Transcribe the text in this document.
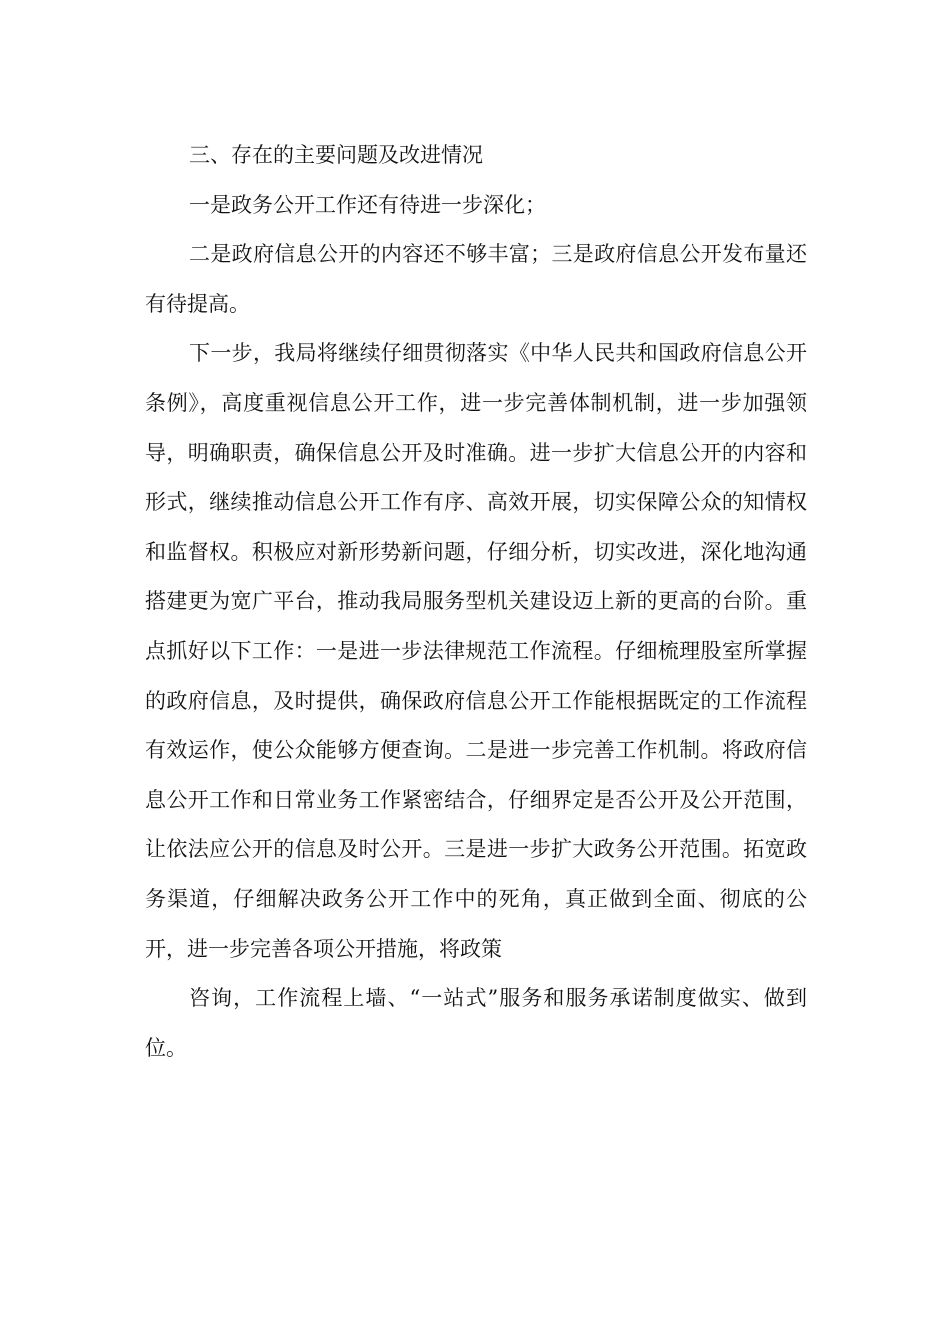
三、存在的主要问题及改进情况

一是政务公开工作还有待进一步深化；

二是政府信息公开的内容还不够丰富；三是政府信息公开发布量还有待提高。

下一步，我局将继续仔细贯彻落实《中华人民共和国政府信息公开条例》，高度重视信息公开工作，进一步完善体制机制，进一步加强领导，明确职责，确保信息公开及时准确。进一步扩大信息公开的内容和形式，继续推动信息公开工作有序、高效开展，切实保障公众的知情权和监督权。积极应对新形势新问题，仔细分析，切实改进，深化地沟通搭建更为宽广平台，推动我局服务型机关建设迈上新的更高的台阶。重点抓好以下工作：一是进一步法律规范工作流程。仔细梳理股室所掌握的政府信息，及时提供，确保政府信息公开工作能根据既定的工作流程有效运作，使公众能够方便查询。二是进一步完善工作机制。将政府信息公开工作和日常业务工作紧密结合，仔细界定是否公开及公开范围，让依法应公开的信息及时公开。三是进一步扩大政务公开范围。拓宽政务渠道，仔细解决政务公开工作中的死角，真正做到全面、彻底的公开，进一步完善各项公开措施，将政策

咨询，工作流程上墙、“一站式”服务和服务承诺制度做实、做到位。
